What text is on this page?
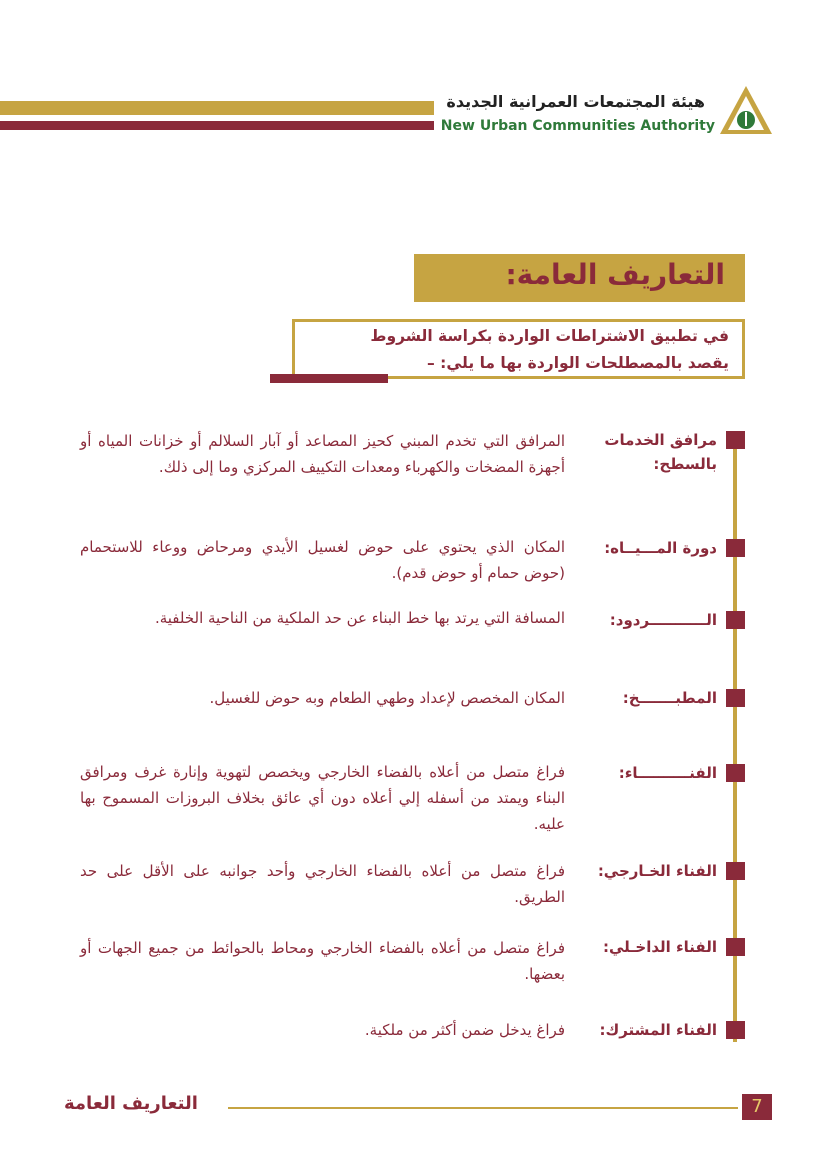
هيئة المجتمعات العمرانية الجديدة
New Urban Communities Authority
التعاريف العامة:
في تطبيق الاشتراطات الواردة بكراسة الشروط
يقصد بالمصطلحات الواردة بها ما يلي: –
مرافق الخدمات
بالسطح:
المرافق التي تخدم المبني كحيز المصاعد أو آبار السلالم أو خزانات المياه أو أجهزة المضخات والكهرباء ومعدات التكييف المركزي وما إلى ذلك.
دورة المـــيــاه:
المكان الذي يحتوي على حوض لغسيل الأيدي ومرحاض ووعاء للاستحمام (حوض حمام أو حوض قدم).
الـــــــــــردود:
المسافة التي يرتد بها خط البناء عن حد الملكية من الناحية الخلفية.
المطبـــــــخ:
المكان المخصص لإعداد وطهي الطعام وبه حوض للغسيل.
الفنــــــــــاء:
فراغ متصل من أعلاه بالفضاء الخارجي ويخصص لتهوية وإنارة غرف ومرافق البناء ويمتد من أسفله إلي أعلاه دون أي عائق بخلاف البروزات المسموح بها عليه.
الفناء الخـارجي:
فراغ متصل من أعلاه بالفضاء الخارجي وأحد جوانبه على الأقل على حد الطريق.
الفناء الداخـلي:
فراغ متصل من أعلاه بالفضاء الخارجي ومحاط بالحوائط من جميع الجهات أو بعضها.
الفناء المشترك:
فراغ يدخل ضمن أكثر من ملكية.
التعاريف العامة	7
